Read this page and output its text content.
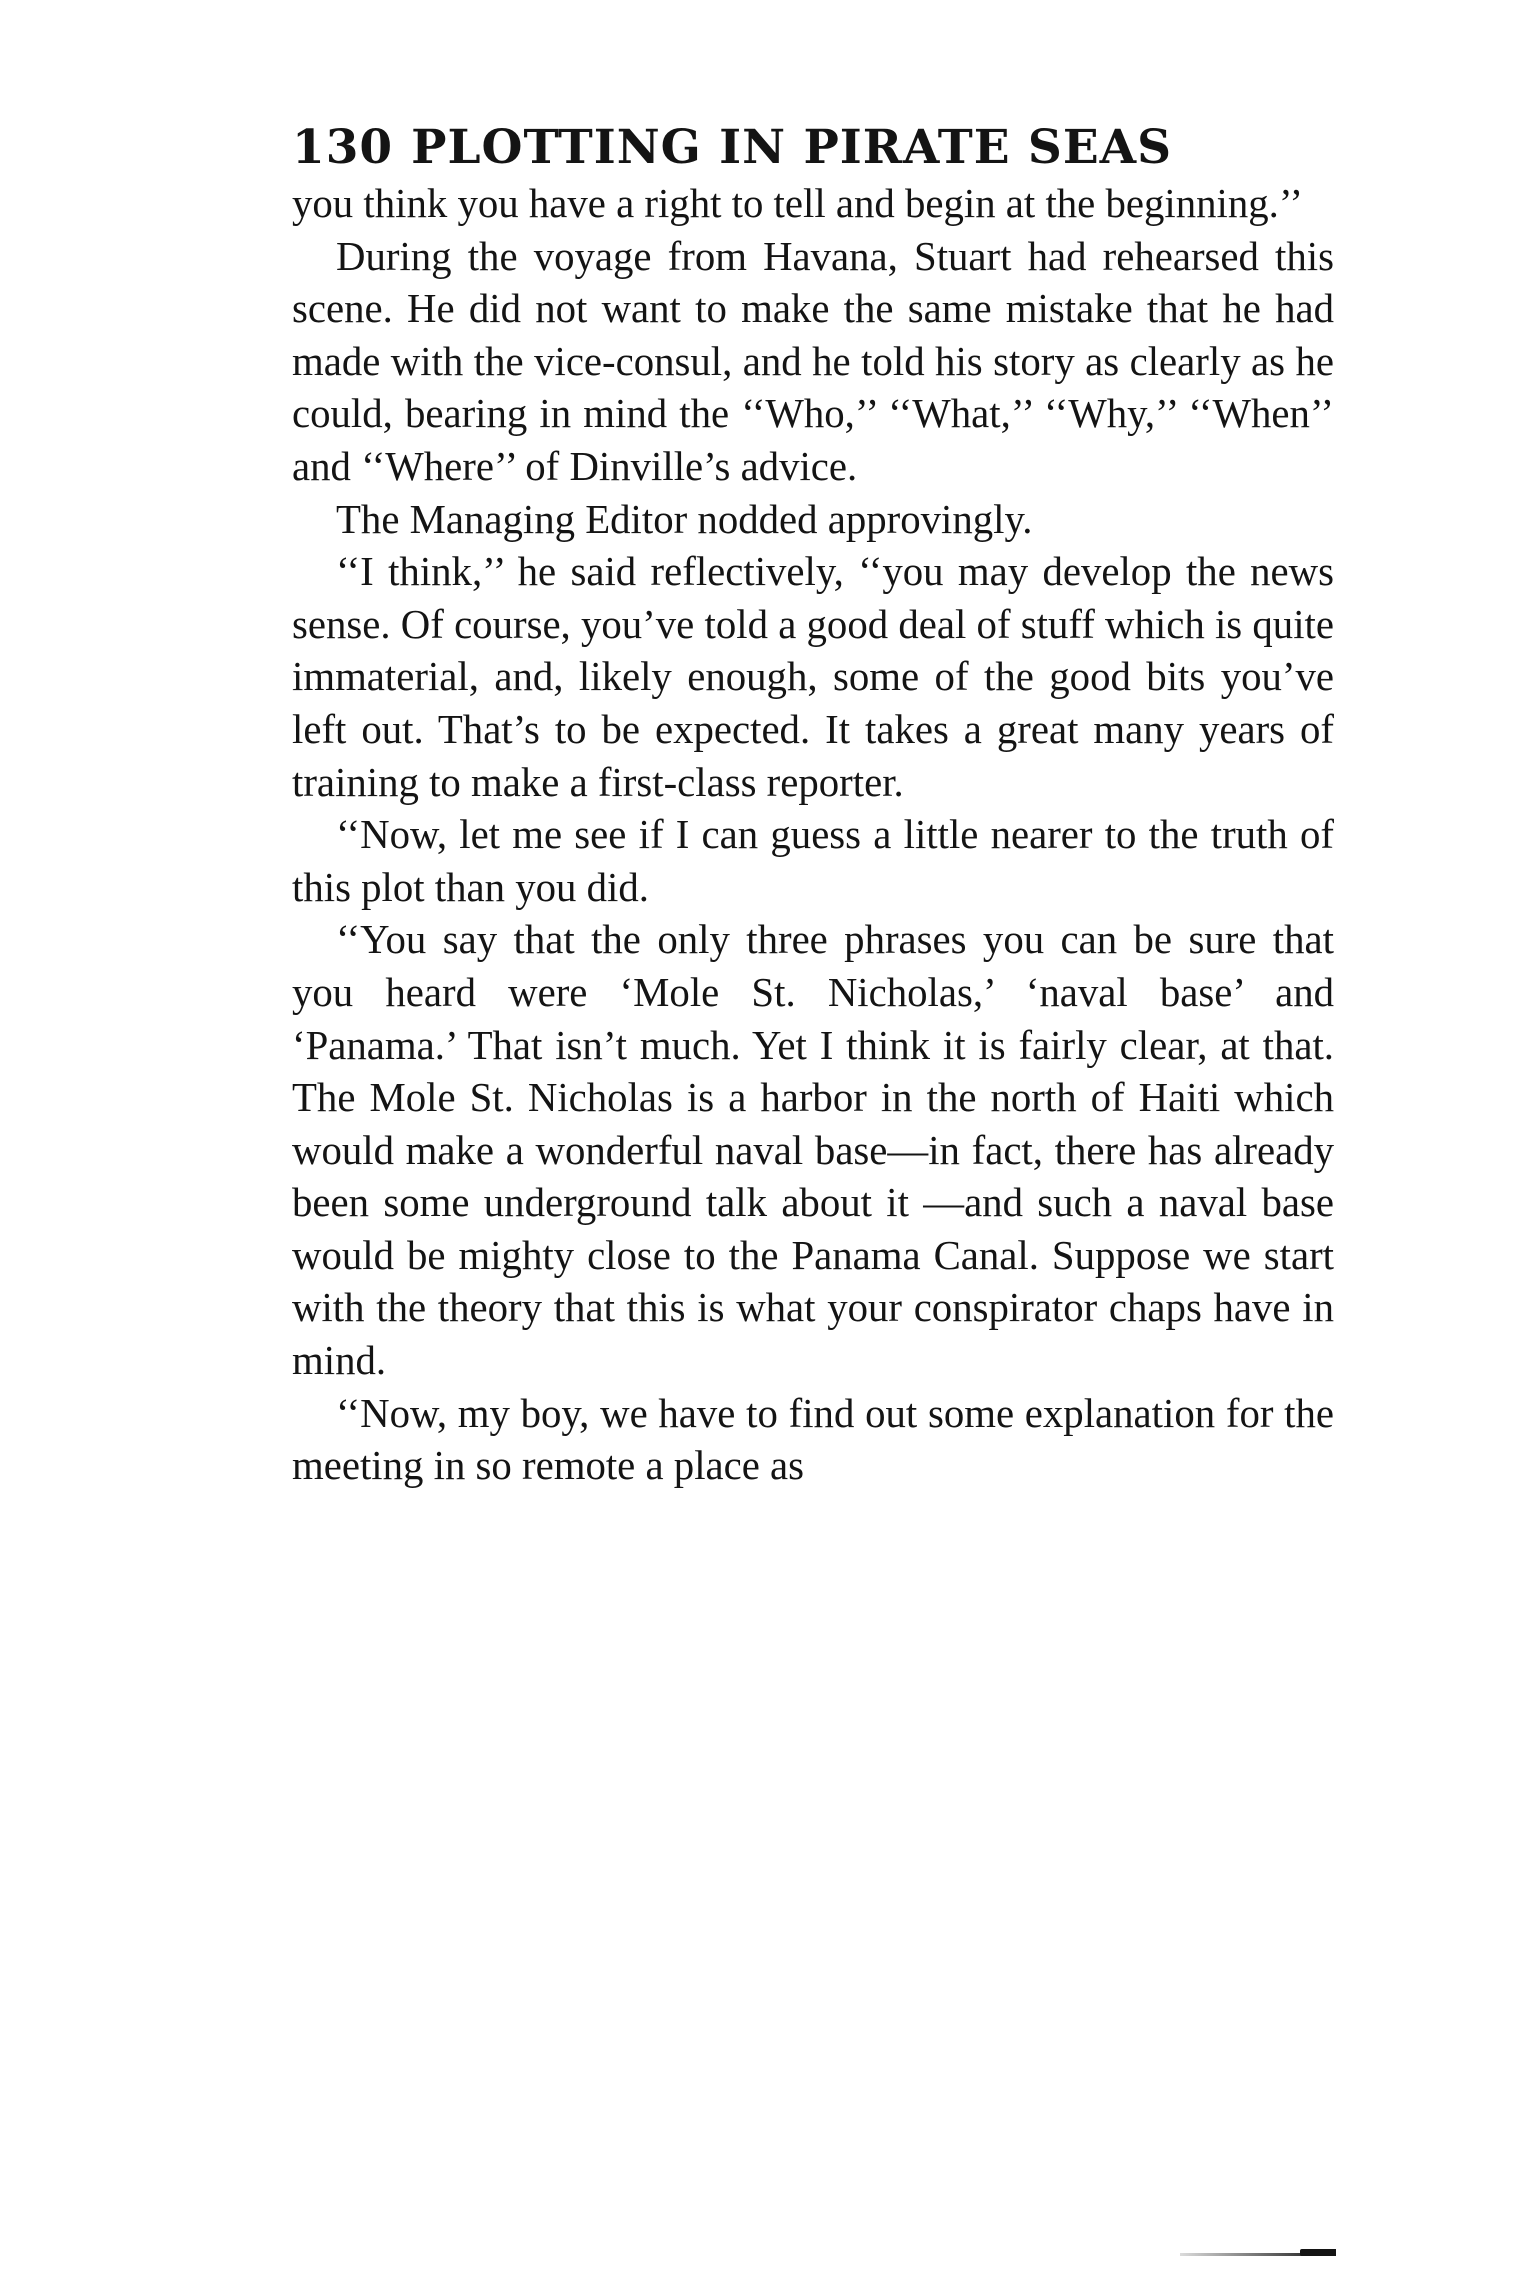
130 PLOTTING IN PIRATE SEAS

you think you have a right to tell and begin at the beginning.’’

During the voyage from Havana, Stuart had rehearsed this scene. He did not want to make the same mistake that he had made with the vice-consul, and he told his story as clearly as he could, bearing in mind the ‘‘Who,’’ ‘‘What,’’ ‘‘Why,’’ ‘‘When’’ and ‘‘Where’’ of Dinville’s advice.

The Managing Editor nodded approvingly.

‘‘I think,’’ he said reflectively, ‘‘you may develop the news sense. Of course, you’ve told a good deal of stuff which is quite immaterial, and, likely enough, some of the good bits you’ve left out. That’s to be expected. It takes a great many years of training to make a first-class reporter.

‘‘Now, let me see if I can guess a little nearer to the truth of this plot than you did.

‘‘You say that the only three phrases you can be sure that you heard were ‘Mole St. Nicholas,’ ‘naval base’ and ‘Panama.’ That isn’t much. Yet I think it is fairly clear, at that. The Mole St. Nicholas is a harbor in the north of Haiti which would make a wonderful naval base—in fact, there has already been some underground talk about it —and such a naval base would be mighty close to the Panama Canal. Suppose we start with the theory that this is what your conspirator chaps have in mind.

‘‘Now, my boy, we have to find out some explanation for the meeting in so remote a place as
